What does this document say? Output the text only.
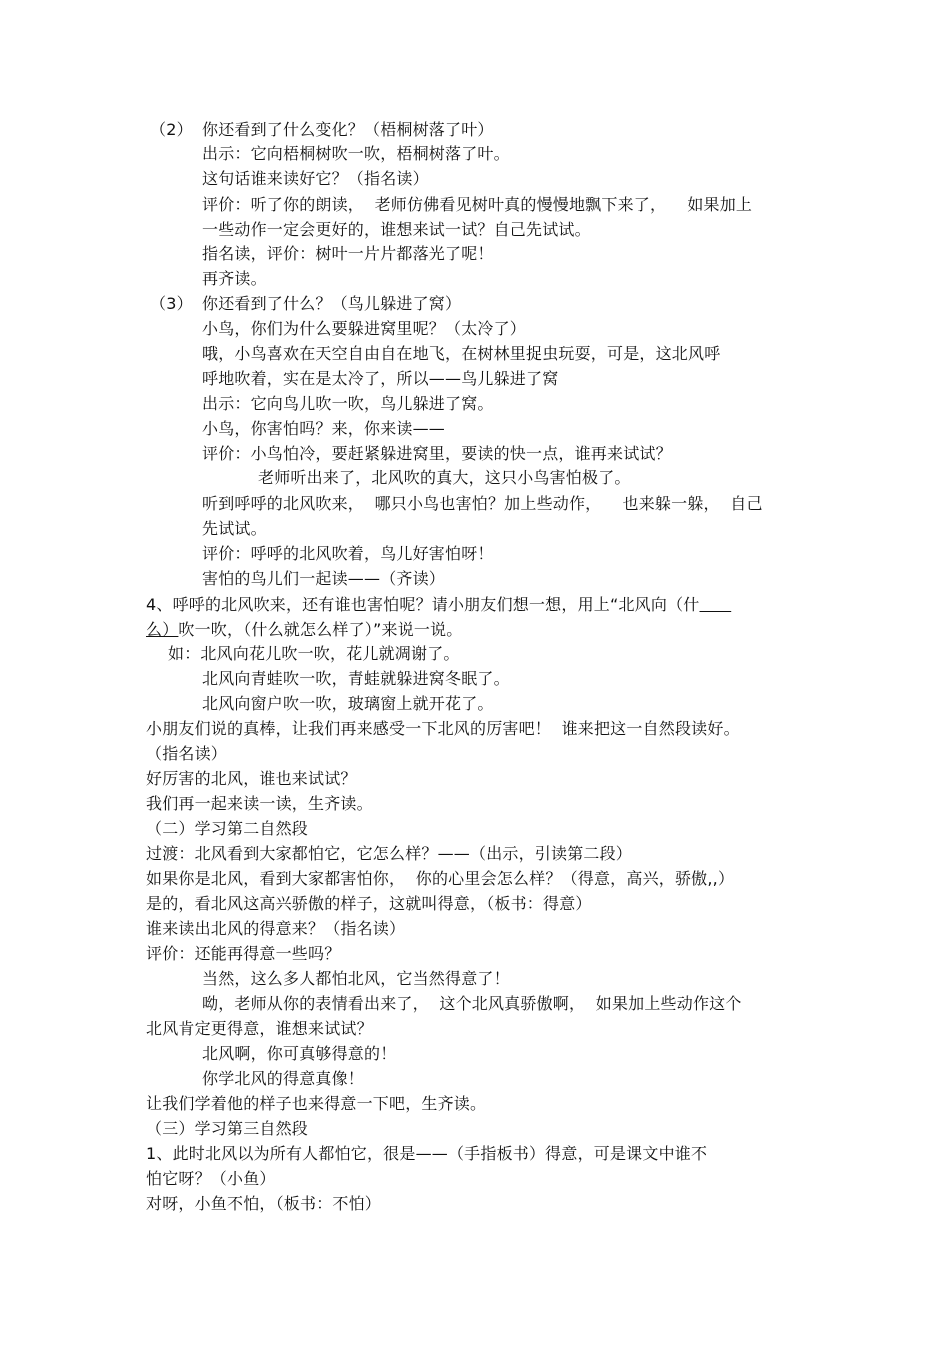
（2） 你还看到了什么变化？（梧桐树落了叶）
出示：它向梧桐树吹一吹，梧桐树落了叶。
这句话谁来读好它？（指名读）
评价：听了你的朗读，  老师仿佛看见树叶真的慢慢地飘下来了，    如果加上
一些动作一定会更好的，谁想来试一试？自己先试试。
指名读，评价：树叶一片片都落光了呢！
再齐读。
（3） 你还看到了什么？（鸟儿躲进了窝）
小鸟，你们为什么要躲进窝里呢？（太冷了）
哦，小鸟喜欢在天空自由自在地飞，在树林里捉虫玩耍，可是，这北风呼
呼地吹着，实在是太冷了，所以——鸟儿躲进了窝
出示：它向鸟儿吹一吹，鸟儿躲进了窝。
小鸟，你害怕吗？来，你来读——
评价：小鸟怕冷，要赶紧躲进窝里，要读的快一点，谁再来试试？
老师听出来了，北风吹的真大，这只小鸟害怕极了。
听到呼呼的北风吹来，  哪只小鸟也害怕？加上些动作，    也来躲一躲，  自己
先试试。
评价：呼呼的北风吹着，鸟儿好害怕呀！
害怕的鸟儿们一起读——（齐读）
4、呼呼的北风吹来，还有谁也害怕呢？请小朋友们想一想，用上“北风向（什
么）吹一吹，（什么就怎么样了）”来说一说。
如：北风向花儿吹一吹，花儿就凋谢了。
北风向青蛙吹一吹，青蛙就躲进窝冬眠了。
北风向窗户吹一吹，玻璃窗上就开花了。
小朋友们说的真棒，让我们再来感受一下北风的厉害吧！  谁来把这一自然段读好。
（指名读）
好厉害的北风，谁也来试试？
我们再一起来读一读，生齐读。
（二）学习第二自然段
过渡：北风看到大家都怕它，它怎么样？——（出示，引读第二段）
如果你是北风，看到大家都害怕你，  你的心里会怎么样？（得意，高兴，骄傲,,）
是的，看北风这高兴骄傲的样子，这就叫得意，（板书：得意）
谁来读出北风的得意来？（指名读）
评价：还能再得意一些吗？
当然，这么多人都怕北风，它当然得意了！
呦，老师从你的表情看出来了，  这个北风真骄傲啊，  如果加上些动作这个
北风肯定更得意，谁想来试试？
北风啊，你可真够得意的！
你学北风的得意真像！
让我们学着他的样子也来得意一下吧，生齐读。
（三）学习第三自然段
1、此时北风以为所有人都怕它，很是——（手指板书）得意，可是课文中谁不
怕它呀？（小鱼）
对呀，小鱼不怕，（板书：不怕）
